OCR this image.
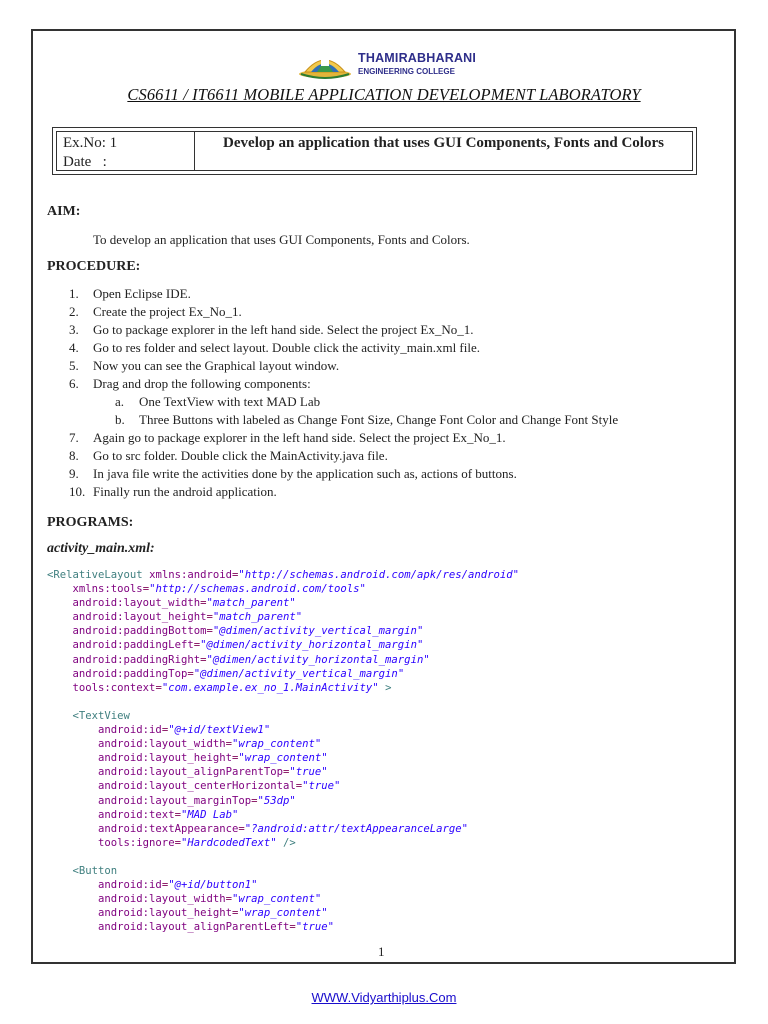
THAMIRABHARANI
ENGINEERING COLLEGE
CS6611 / IT6611 MOBILE APPLICATION DEVELOPMENT LABORATORY
Ex.No: 1
Date   :
Develop an application that uses GUI Components, Fonts and Colors
AIM:
To develop an application that uses GUI Components, Fonts and Colors.
PROCEDURE:
1. Open Eclipse IDE.
2. Create the project Ex_No_1.
3. Go to package explorer in the left hand side. Select the project Ex_No_1.
4. Go to res folder and select layout. Double click the activity_main.xml file.
5. Now you can see the Graphical layout window.
6. Drag and drop the following components:
a. One TextView with text MAD Lab
b. Three Buttons with labeled as Change Font Size, Change Font Color and Change Font Style
7. Again go to package explorer in the left hand side. Select the project Ex_No_1.
8. Go to src folder. Double click the MainActivity.java file.
9. In java file write the activities done by the application such as, actions of buttons.
10. Finally run the android application.
PROGRAMS:
activity_main.xml:
<RelativeLayout xmlns:android="http://schemas.android.com/apk/res/android"
xmlns:tools="http://schemas.android.com/tools"
android:layout_width="match_parent"
android:layout_height="match_parent"
android:paddingBottom="@dimen/activity_vertical_margin"
android:paddingLeft="@dimen/activity_horizontal_margin"
android:paddingRight="@dimen/activity_horizontal_margin"
android:paddingTop="@dimen/activity_vertical_margin"
tools:context="com.example.ex_no_1.MainActivity" >

<TextView
android:id="@+id/textView1"
android:layout_width="wrap_content"
android:layout_height="wrap_content"
android:layout_alignParentTop="true"
android:layout_centerHorizontal="true"
android:layout_marginTop="53dp"
android:text="MAD Lab"
android:textAppearance="?android:attr/textAppearanceLarge"
tools:ignore="HardcodedText" />

<Button
android:id="@+id/button1"
android:layout_width="wrap_content"
android:layout_height="wrap_content"
android:layout_alignParentLeft="true"
1
WWW.Vidyarthiplus.Com
